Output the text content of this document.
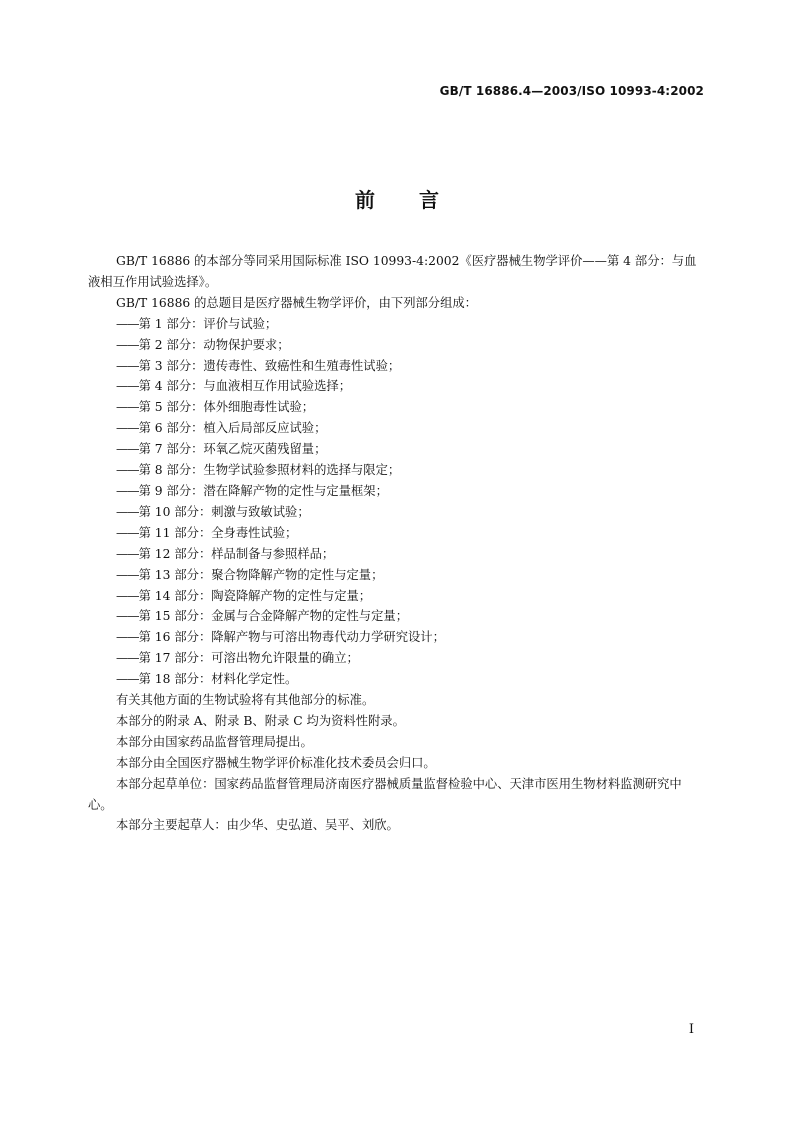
GB/T 16886.4—2003/ISO 10993-4:2002
前言

GB/T 16886 的本部分等同采用国际标准 ISO 10993-4:2002《医疗器械生物学评价——第 4 部分：与血液相互作用试验选择》。

GB/T 16886 的总题目是医疗器械生物学评价，由下列部分组成：

——第 1 部分：评价与试验；

——第 2 部分：动物保护要求；

——第 3 部分：遗传毒性、致癌性和生殖毒性试验；

——第 4 部分：与血液相互作用试验选择；

——第 5 部分：体外细胞毒性试验；

——第 6 部分：植入后局部反应试验；

——第 7 部分：环氧乙烷灭菌残留量；

——第 8 部分：生物学试验参照材料的选择与限定；

——第 9 部分：潜在降解产物的定性与定量框架；

——第 10 部分：刺激与致敏试验；

——第 11 部分：全身毒性试验；

——第 12 部分：样品制备与参照样品；

——第 13 部分：聚合物降解产物的定性与定量；

——第 14 部分：陶瓷降解产物的定性与定量；

——第 15 部分：金属与合金降解产物的定性与定量；

——第 16 部分：降解产物与可溶出物毒代动力学研究设计；

——第 17 部分：可溶出物允许限量的确立；

——第 18 部分：材料化学定性。

有关其他方面的生物试验将有其他部分的标准。

本部分的附录 A、附录 B、附录 C 均为资料性附录。

本部分由国家药品监督管理局提出。

本部分由全国医疗器械生物学评价标准化技术委员会归口。

本部分起草单位：国家药品监督管理局济南医疗器械质量监督检验中心、天津市医用生物材料监测研究中心。

本部分主要起草人：由少华、史弘道、吴平、刘欣。

I
